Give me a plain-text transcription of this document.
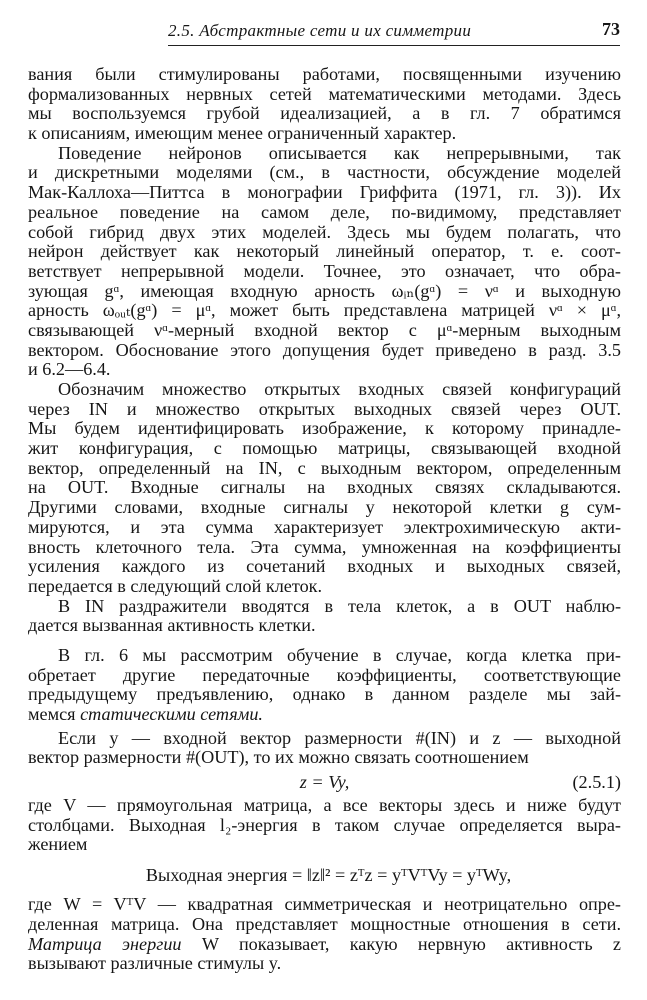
2.5. Абстрактные сети и их симметрии	73
вания были стимулированы работами, посвященными изучению
формализованных нервных сетей математическими методами. Здесь
мы воспользуемся грубой идеализацией, а в гл. 7 обратимся
к описаниям, имеющим менее ограниченный характер.
Поведение нейронов описывается как непрерывными, так
и дискретными моделями (см., в частности, обсуждение моделей
Мак-Каллоха—Питтса в монографии Гриффита (1971, гл. 3)). Их
реальное поведение на самом деле, по-видимому, представляет
собой гибрид двух этих моделей. Здесь мы будем полагать, что
нейрон действует как некоторый линейный оператор, т. е. соот-
ветствует непрерывной модели. Точнее, это означает, что обра-
зующая gᵅ, имеющая входную арность ωᵢₙ(gᵅ) = νᵅ и выходную
арность ωₒᵤₜ(gᵅ) = μᵅ, может быть представлена матрицей νᵅ × μᵅ,
связывающей νᵅ-мерный входной вектор с μᵅ-мерным выходным
вектором. Обоснование этого допущения будет приведено в разд. 3.5
и 6.2—6.4.
Обозначим множество открытых входных связей конфигураций
через IN и множество открытых выходных связей через OUT.
Мы будем идентифицировать изображение, к которому принадле-
жит конфигурация, с помощью матрицы, связывающей входной
вектор, определенный на IN, с выходным вектором, определенным
на OUT. Входные сигналы на входных связях складываются.
Другими словами, входные сигналы у некоторой клетки g сум-
мируются, и эта сумма характеризует электрохимическую акти-
вность клеточного тела. Эта сумма, умноженная на коэффициенты
усиления каждого из сочетаний входных и выходных связей,
передается в следующий слой клеток.
В IN раздражители вводятся в тела клеток, а в OUT наблю-
дается вызванная активность клетки.
В гл. 6 мы рассмотрим обучение в случае, когда клетка при-
обретает другие передаточные коэффициенты, соответствующие
предыдущему предъявлению, однако в данном разделе мы зай-
мемся статическими сетями.
Если y — входной вектор размерности #(IN) и z — выходной
вектор размерности #(OUT), то их можно связать соотношением
z = Vy,	(2.5.1)
где V — прямоугольная матрица, а все векторы здесь и ниже будут
столбцами. Выходная l₂-энергия в таком случае определяется выра-
жением
Выходная энергия = ‖z‖² = zᵀz = yᵀVᵀVy = yᵀWy,
где W = VᵀV — квадратная симметрическая и неотрицательно опре-
деленная матрица. Она представляет мощностные отношения в сети.
Матрица энергии W показывает, какую нервную активность z
вызывают различные стимулы y.
